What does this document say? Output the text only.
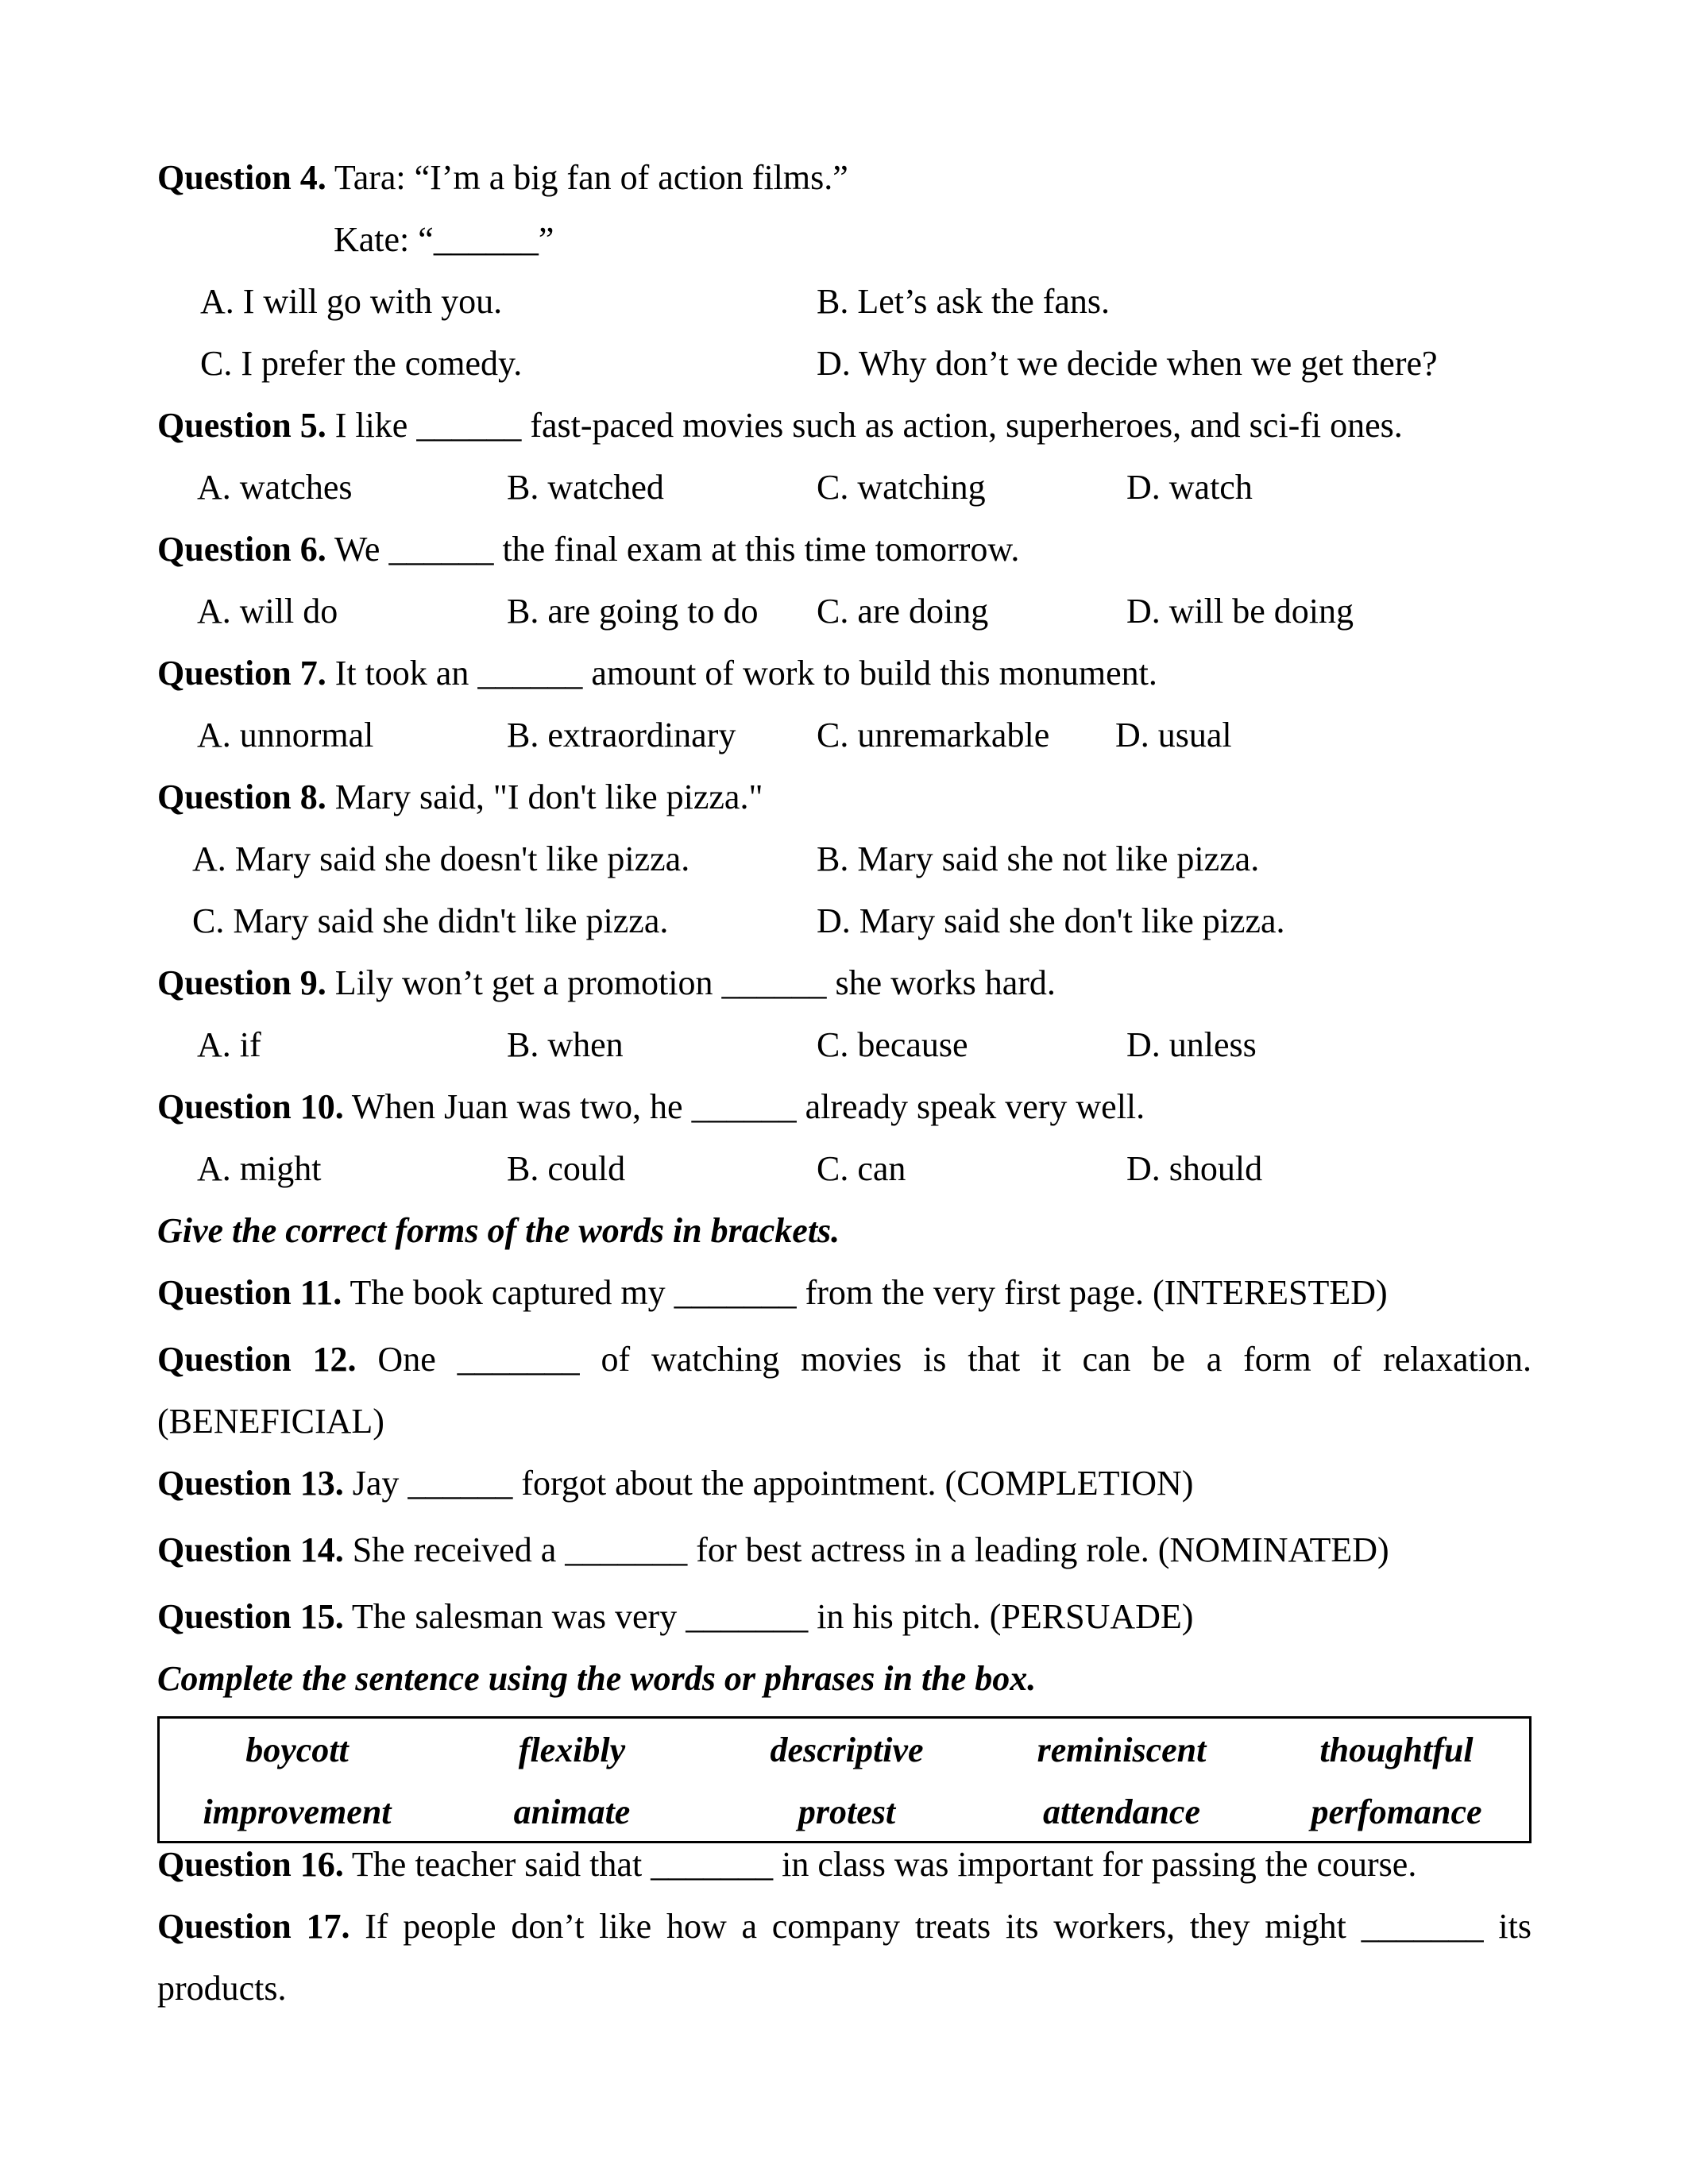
Question 4. Tara: “I’m a big fan of action films.”
Kate: “______”
A. I will go with you.	B. Let’s ask the fans.
C. I prefer the comedy.	D. Why don’t we decide when we get there?
Question 5. I like ______ fast-paced movies such as action, superheroes, and sci-fi ones.
A. watches	B. watched	C. watching	D. watch
Question 6. We ______ the final exam at this time tomorrow.
A. will do	B. are going to do C. are doing	D. will be doing
Question 7. It took an ______ amount of work to build this monument.
A. unnormal	B. extraordinary C. unremarkable D. usual
Question 8. Mary said, "I don't like pizza."
A. Mary said she doesn't like pizza.	B. Mary said she not like pizza.
C. Mary said she didn't like pizza.	D. Mary said she don't like pizza.
Question 9. Lily won’t get a promotion ______ she works hard.
A. if	B. when	C. because	D. unless
Question 10. When Juan was two, he ______ already speak very well.
A. might	B. could	C. can	D. should
Give the correct forms of the words in brackets.
Question 11. The book captured my _______ from the very first page. (INTERESTED)
Question 12. One _______ of watching movies is that it can be a form of relaxation.
(BENEFICIAL)
Question 13. Jay ______ forgot about the appointment. (COMPLETION)
Question 14. She received a _______ for best actress in a leading role. (NOMINATED)
Question 15. The salesman was very _______ in his pitch. (PERSUADE)
Complete the sentence using the words or phrases in the box.
boycott	flexibly	descriptive	reminiscent	thoughtful
improvement	animate	protest	attendance	perfomance
Question 16. The teacher said that _______ in class was important for passing the course.
Question 17. If people don’t like how a company treats its workers, they might _______ its
products.
